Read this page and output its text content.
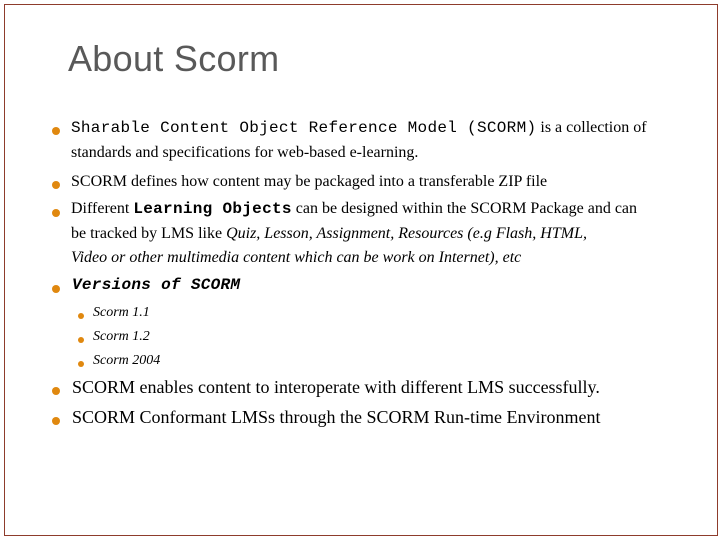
About Scorm
Sharable Content Object Reference Model (SCORM) is a collection of
standards and specifications for web-based e-learning.
SCORM defines how content may be packaged into a transferable ZIP file
Different Learning Objects can be designed within the SCORM Package and can
be tracked by LMS like Quiz, Lesson, Assignment, Resources (e.g Flash, HTML,
Video or other multimedia content which can be work on Internet), etc
Versions of SCORM
Scorm 1.1
Scorm 1.2
Scorm 2004
SCORM enables content to interoperate with different LMS successfully.
SCORM Conformant LMSs through the SCORM Run-time Environment
